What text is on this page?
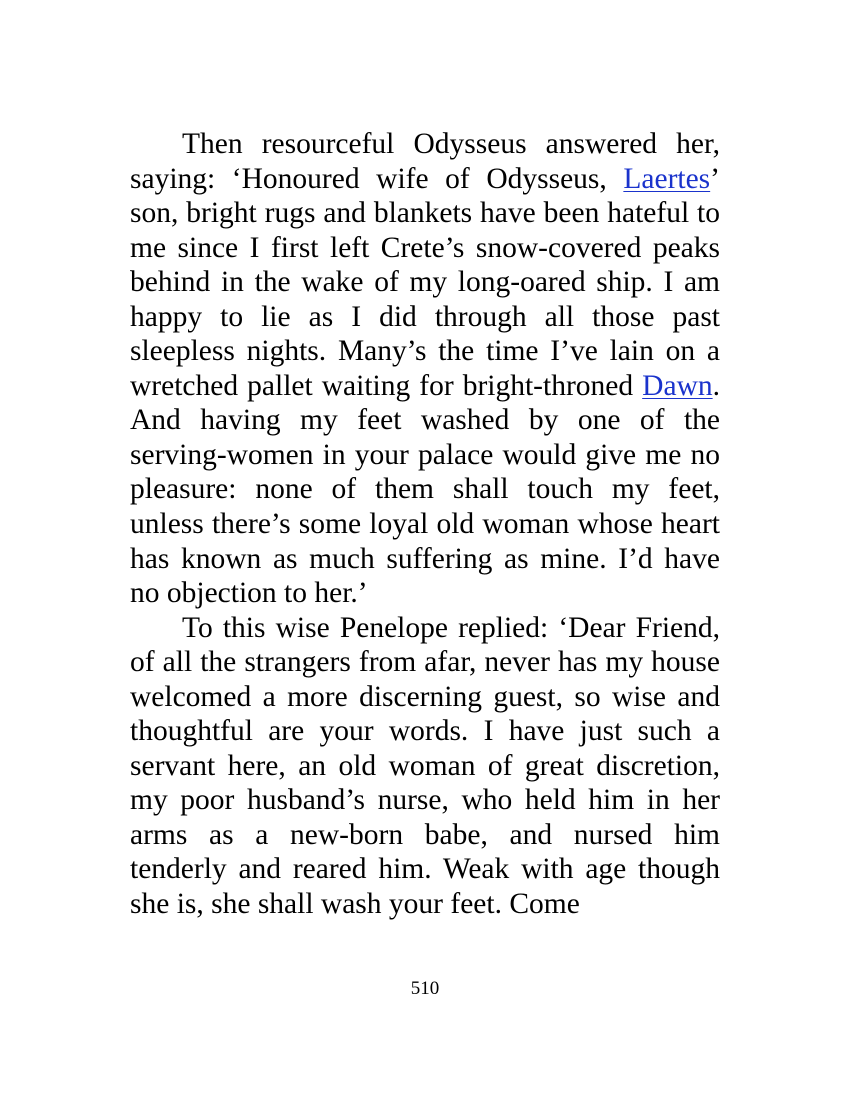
Then resourceful Odysseus answered her, saying: ‘Honoured wife of Odysseus, Laertes’ son, bright rugs and blankets have been hateful to me since I first left Crete’s snow-covered peaks behind in the wake of my long-oared ship. I am happy to lie as I did through all those past sleepless nights. Many’s the time I’ve lain on a wretched pallet waiting for bright-throned Dawn. And having my feet washed by one of the serving-women in your palace would give me no pleasure: none of them shall touch my feet, unless there’s some loyal old woman whose heart has known as much suffering as mine. I’d have no objection to her.’

To this wise Penelope replied: ‘Dear Friend, of all the strangers from afar, never has my house welcomed a more discerning guest, so wise and thoughtful are your words. I have just such a servant here, an old woman of great discretion, my poor husband’s nurse, who held him in her arms as a new-born babe, and nursed him tenderly and reared him. Weak with age though she is, she shall wash your feet. Come

510
